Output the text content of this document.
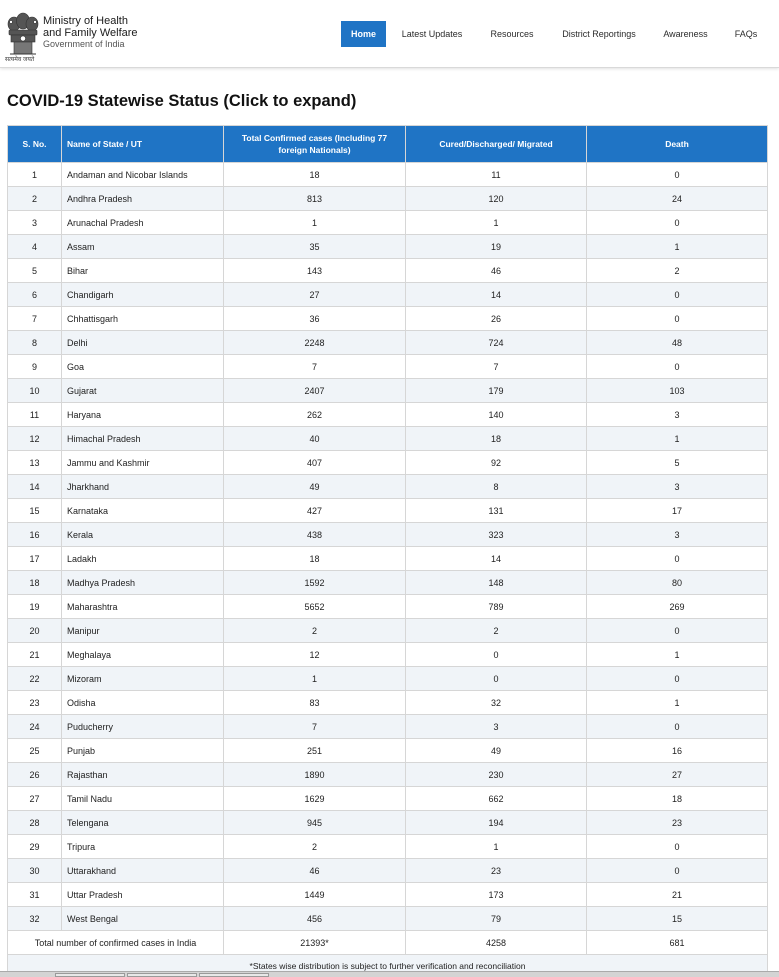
सत्यमेव जयते
Ministry of Health
and Family Welfare
Government of India
Home	Latest Updates	Resources	District Reportings	Awareness	FAQs
COVID-19 Statewise Status (Click to expand)
S. No.	Name of State / UT	Total Confirmed cases (Including 77 foreign Nationals)	Cured/Discharged/ Migrated	Death
1	Andaman and Nicobar Islands	18	11	0
2	Andhra Pradesh	813	120	24
3	Arunachal Pradesh	1	1	0
4	Assam	35	19	1
5	Bihar	143	46	2
6	Chandigarh	27	14	0
7	Chhattisgarh	36	26	0
8	Delhi	2248	724	48
9	Goa	7	7	0
10	Gujarat	2407	179	103
11	Haryana	262	140	3
12	Himachal Pradesh	40	18	1
13	Jammu and Kashmir	407	92	5
14	Jharkhand	49	8	3
15	Karnataka	427	131	17
16	Kerala	438	323	3
17	Ladakh	18	14	0
18	Madhya Pradesh	1592	148	80
19	Maharashtra	5652	789	269
20	Manipur	2	2	0
21	Meghalaya	12	0	1
22	Mizoram	1	0	0
23	Odisha	83	32	1
24	Puducherry	7	3	0
25	Punjab	251	49	16
26	Rajasthan	1890	230	27
27	Tamil Nadu	1629	662	18
28	Telengana	945	194	23
29	Tripura	2	1	0
30	Uttarakhand	46	23	0
31	Uttar Pradesh	1449	173	21
32	West Bengal	456	79	15
Total number of confirmed cases in India		21393*	4258	681
*States wise distribution is subject to further verification and reconciliation				
